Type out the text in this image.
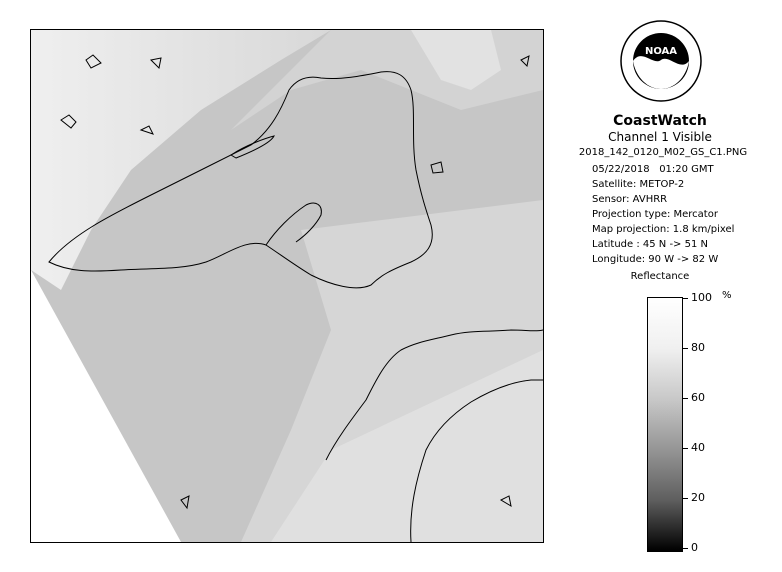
NOAA
CoastWatch
Channel 1 Visible
2018_142_0120_M02_GS_C1.PNG
05/22/2018 01:20 GMT
Satellite: METOP-2
Sensor: AVHRR
Projection type: Mercator
Map projection: 1.8 km/pixel
Latitude : 45 N -> 51 N
Longitude: 90 W -> 82 W
Reflectance
%
100
80
60
40
20
0
